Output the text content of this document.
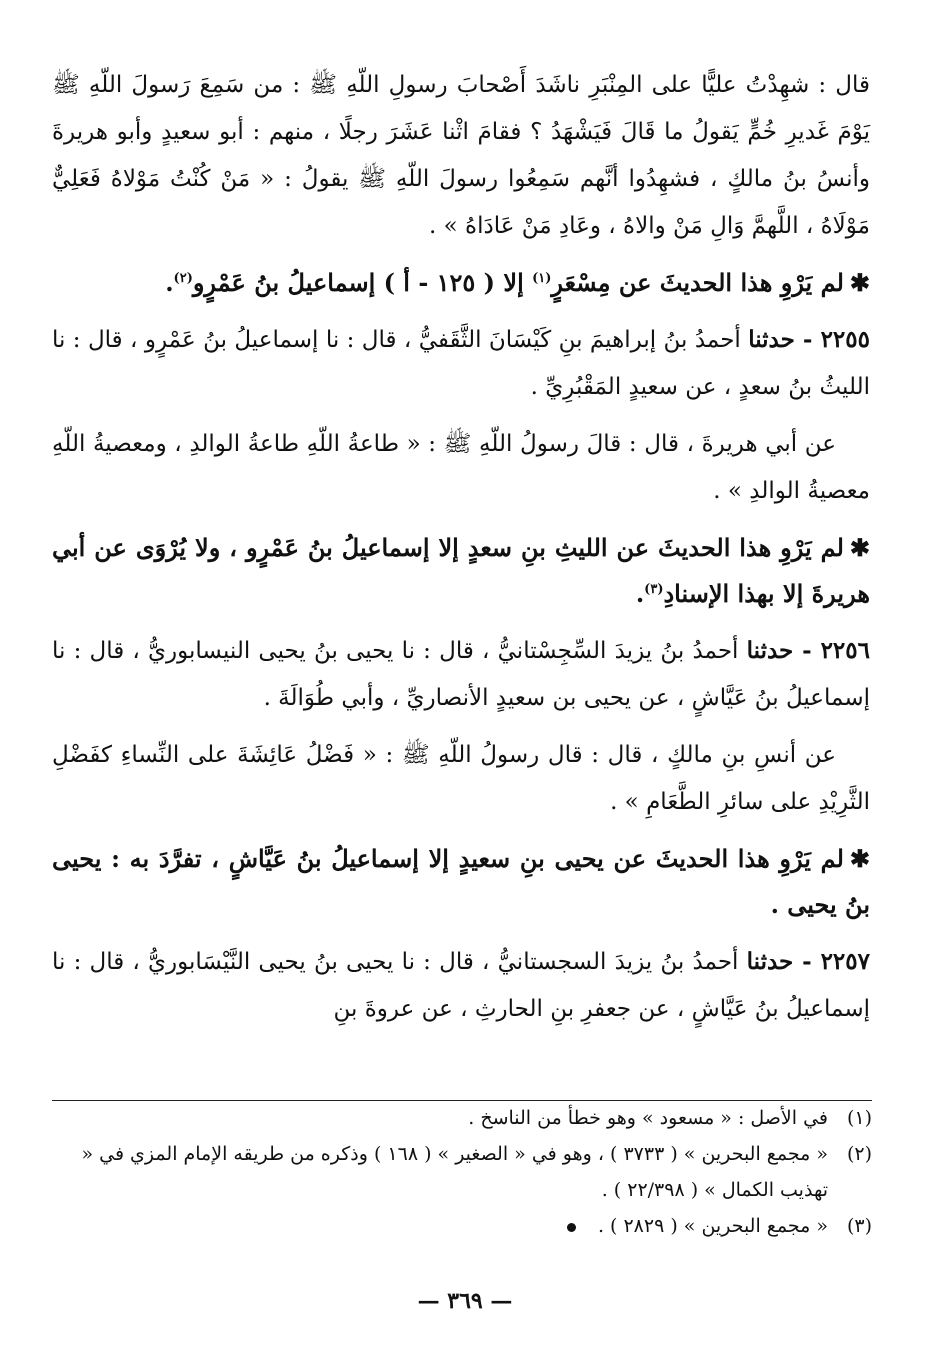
قال : شهِدْتُ عليًّا على المِنْبَرِ ناشَدَ أَصْحابَ رسولِ اللّهِ ﷺ : من سَمِعَ رَسولَ اللّهِ ﷺ يَوْمَ غَديرِ خُمٍّ يَقولُ ما قَالَ فَيَشْهَدُ ؟ فقامَ اثْنا عَشَرَ رجلًا ، منهم : أبو سعيدٍ وأبو هريرةَ وأنسُ بنُ مالكٍ ، فشهِدُوا أنَّهم سَمِعُوا رسولَ اللّهِ ﷺ يقولُ : « مَنْ كُنْتُ مَوْلاهُ فَعَلِيٌّ مَوْلَاهُ ، اللَّهمَّ وَالِ مَنْ والاهُ ، وعَادِ مَنْ عَادَاهُ » .

✱لم يَرْوِ هذا الحديثَ عن مِسْعَرٍ$^{(١)}$ إلا ( ١٢٥ - أ ) إسماعيلُ بنُ عَمْرٍو$^{(٢)}$.

٢٢٥٥ - حدثنا أحمدُ بنُ إبراهيمَ بنِ كَيْسَانَ الثَّقَفيُّ ، قال : نا إسماعيلُ بنُ عَمْرٍو ، قال : نا الليثُ بنُ سعدٍ ، عن سعيدٍ المَقْبُرِيِّ .

عن أبي هريرةَ ، قال : قالَ رسولُ اللّهِ ﷺ : « طاعةُ اللّهِ طاعةُ الوالدِ ، ومعصيةُ اللّهِ معصيةُ الوالدِ » .

✱لم يَرْوِ هذا الحديثَ عن الليثِ بنِ سعدٍ إلا إسماعيلُ بنُ عَمْرٍو ، ولا يُرْوَى عن أبي هريرةَ إلا بهذا الإسنادِ$^{(٣)}$.

٢٢٥٦ - حدثنا أحمدُ بنُ يزيدَ السِّجِسْتانيُّ ، قال : نا يحيى بنُ يحيى النيسابوريُّ ، قال : نا إسماعيلُ بنُ عَيَّاشٍ ، عن يحيى بن سعيدٍ الأنصاريِّ ، وأبي طُوَالَةَ .

عن أنسِ بنِ مالكٍ ، قال : قال رسولُ اللّهِ ﷺ : « فَضْلُ عَائِشَةَ على النِّساءِ كفَضْلِ الثَّرِيْدِ على سائرِ الطَّعَامِ » .

✱لم يَرْوِ هذا الحديثَ عن يحيى بنِ سعيدٍ إلا إسماعيلُ بنُ عَيَّاشٍ ، تفرَّدَ به : يحيى بنُ يحيى .

٢٢٥٧ - حدثنا أحمدُ بنُ يزيدَ السجستانيُّ ، قال : نا يحيى بنُ يحيى النَّيْسَابوريُّ ، قال : نا إسماعيلُ بنُ عَيَّاشٍ ، عن جعفرِ بنِ الحارثِ ، عن عروةَ بنِ

(١)
في الأصل : « مسعود » وهو خطأ من الناسخ .
(٢)
« مجمع البحرين » ( ٣٧٣٣ ) ، وهو في « الصغير » ( ١٦٨ ) وذكره من طريقه الإمام المزي في « تهذيب الكمال » ( ٢٢/٣٩٨ ) .
(٣)
« مجمع البحرين » ( ٢٨٢٩ ) .
— ٣٦٩ —
